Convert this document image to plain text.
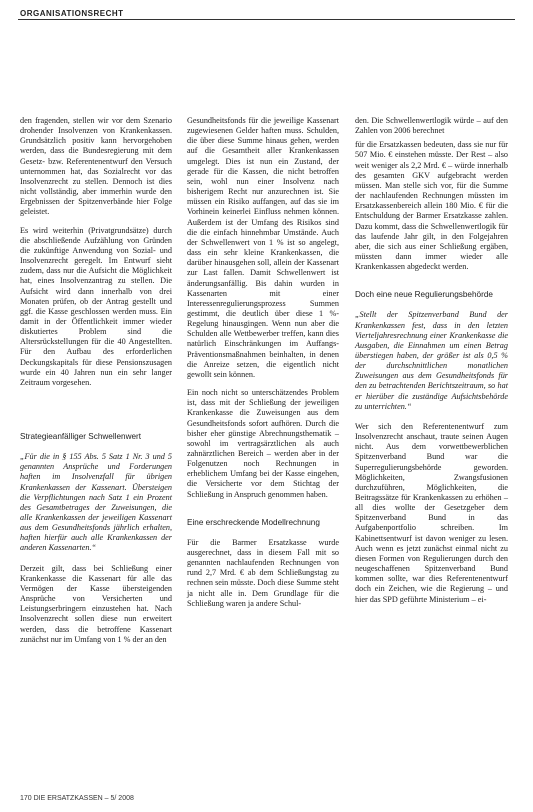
ORGANISATIONSRECHT

den fragenden, stellen wir vor dem Szenario drohender Insolvenzen von Krankenkassen. Grundsätzlich positiv kann hervorgehoben werden, dass die Bundesregierung mit dem Gesetz- bzw. Referentenentwurf den Versuch unternommen hat, das Sozialrecht vor das Insolvenzrecht zu stellen. Dennoch ist dies nicht vollständig, aber immerhin wurde den Ergebnissen der Spitzenverbände hier Folge geleistet.

Es wird weiterhin (Privatgrundsätze) durch die abschließende Aufzählung von Gründen die zukünftige Anwendung von Sozial- und Insolvenzrecht geregelt. Im Entwurf sieht zudem, dass nur die Aufsicht die Möglichkeit hat, eines Insolvenzantrag zu stellen. Die Aufsicht wird dann innerhalb von drei Monaten prüfen, ob der Antrag gestellt und ggf. die Kasse geschlossen werden muss. Ein damit in der Öffentlichkeit immer wieder diskutiertes Problem sind die Altersrückstellungen für die 40 Angestellten. Für den Aufbau des erforderlichen Deckungskapitals für diese Pensionszusagen wurde ein 40 Jahren nun ein sehr langer Zeitraum vorgesehen.

Strategieanfälliger Schwellenwert

„Für die in § 155 Abs. 5 Satz 1 Nr. 3 und 5 genannten Ansprüche und Forderungen haften im Insolvenzfall für übrigen Krankenkassen der Kassenart. Übersteigen die Verpflichtungen nach Satz 1 ein Prozent des Gesamtbetrages der Zuweisungen, die alle Krankenkassen der jeweiligen Kassenart aus dem Gesundheitsfonds jährlich erhalten, haften hierfür auch alle Krankenkassen der anderen Kassenarten.“

Derzeit gilt, dass bei Schließung einer Krankenkasse die Kassenart für alle das Vermögen der Kasse übersteigenden Ansprüche von Versicherten und Leistungserbringern einzustehen hat. Nach Insolvenzrecht sollen diese nun erweitert werden, dass die betroffene Kassenart zunächst nur im Umfang von 1 % der an den

Gesundheitsfonds für die jeweilige Kassenart zugewiesenen Gelder haften muss. Schulden, die über diese Summe hinaus gehen, werden auf die Gesamtheit aller Krankenkassen umgelegt. Dies ist nun ein Zustand, der gerade für die Kassen, die nicht betroffen sein, wohl nun einer Insolvenz nach bisherigem Recht nur anzurechnen ist. Sie müssen ein Risiko auffangen, auf das sie im Vorhinein keinerlei Einfluss nehmen können. Außerdem ist der Umfang des Risikos sind die die einfach hinnehmbar Umstände. Auch der Schwellenwert von 1 % ist so angelegt, dass ein sehr kleine Krankenkassen, die darüber hinausgehen soll, allein der Kassenart zur Last fallen. Damit Schwellenwert ist änderungsanfällig. Bis dahin wurden in Kassenarten mit einer Interessenregulierungsprozess Summen gestimmt, die deutlich über diese 1 %-Regelung hinausgingen. Wenn nun aber die Schulden alle Wettbewerber treffen, kann dies natürlich Einschränkungen im Auffangs-Präventionsmaßnahmen beinhalten, in denen die Anreize setzen, die eigentlich nicht gewollt sein können.

Ein noch nicht so unterschätzendes Problem ist, dass mit der Schließung der jeweiligen Krankenkasse die Zuweisungen aus dem Gesundheitsfonds sofort aufhören. Durch die bisher eher günstige Abrechnungsthematik – sowohl im vertragsärztlichen als auch zahnärztlichen Bereich – werden aber in der Folgenutzen noch Rechnungen in erheblichem Umfang bei der Kasse eingehen, die Versicherte vor dem Stichtag der Schließung in Anspruch genommen haben.

Eine erschreckende Modellrechnung

Für die Barmer Ersatzkasse wurde ausgerechnet, dass in diesem Fall mit so genannten nachlaufenden Rechnungen von rund 2,7 Mrd. € ab dem Schließungstag zu rechnen sein müsste. Doch diese Summe steht ja nicht alle in. Dem Grundlage für die Schließung waren ja andere Schul-

den. Die Schwellenwertlogik würde – auf den Zahlen von 2006 berechnet

für die Ersatzkassen bedeuten, dass sie nur für 507 Mio. € einstehen müsste. Der Rest – also weit weniger als 2,2 Mrd. € – würde innerhalb des gesamten GKV aufgebracht werden müssen. Man stelle sich vor, für die Summe der nachlaufenden Rechnungen müssten im Ersatzkassenbereich allein 180 Mio. € für die Entschuldung der Barmer Ersatzkasse zahlen. Dazu kommt, dass die Schwellenwertlogik für das laufende Jahr gilt, in den Folgejahren aber, die sich aus einer Schließung ergäben, müssten dann immer wieder alle Krankenkassen abgedeckt werden.

Doch eine neue Regulierungsbehörde

„Stellt der Spitzenverband Bund der Krankenkassen fest, dass in den letzten Vierteljahresrechnung einer Krankenkasse die Ausgaben, die Einnahmen um einen Betrag überstiegen haben, der größer ist als 0,5 % der durchschnittlichen monatlichen Zuweisungen aus dem Gesundheitsfonds für den zu betrachtenden Berichtszeitraum, so hat er hierüber die zuständige Aufsichtsbehörde zu unterrichten.“

Wer sich den Referentenentwurf zum Insolvenzrecht anschaut, traute seinen Augen nicht. Aus dem vorwettbewerblichen Spitzenverband Bund war die Superregulierungsbehörde geworden. Möglichkeiten, Zwangsfusionen durchzuführen, Möglichkeiten, die Beitragssätze für Krankenkassen zu erhöhen – all dies wollte der Gesetzgeber dem Spitzenverband Bund in das Aufgabenportfolio schreiben. Im Kabinettsentwurf ist davon weniger zu lesen. Auch wenn es jetzt zunächst einmal nicht zu diesen Formen von Regulierungen durch den neugeschaffenen Spitzenverband Bund kommen sollte, war dies Referentenentwurf doch ein Zeichen, wie die Regierung – und hier das SPD geführte Ministerium – ei-

170 DIE ERSATZKASSEN – 5/ 2008
